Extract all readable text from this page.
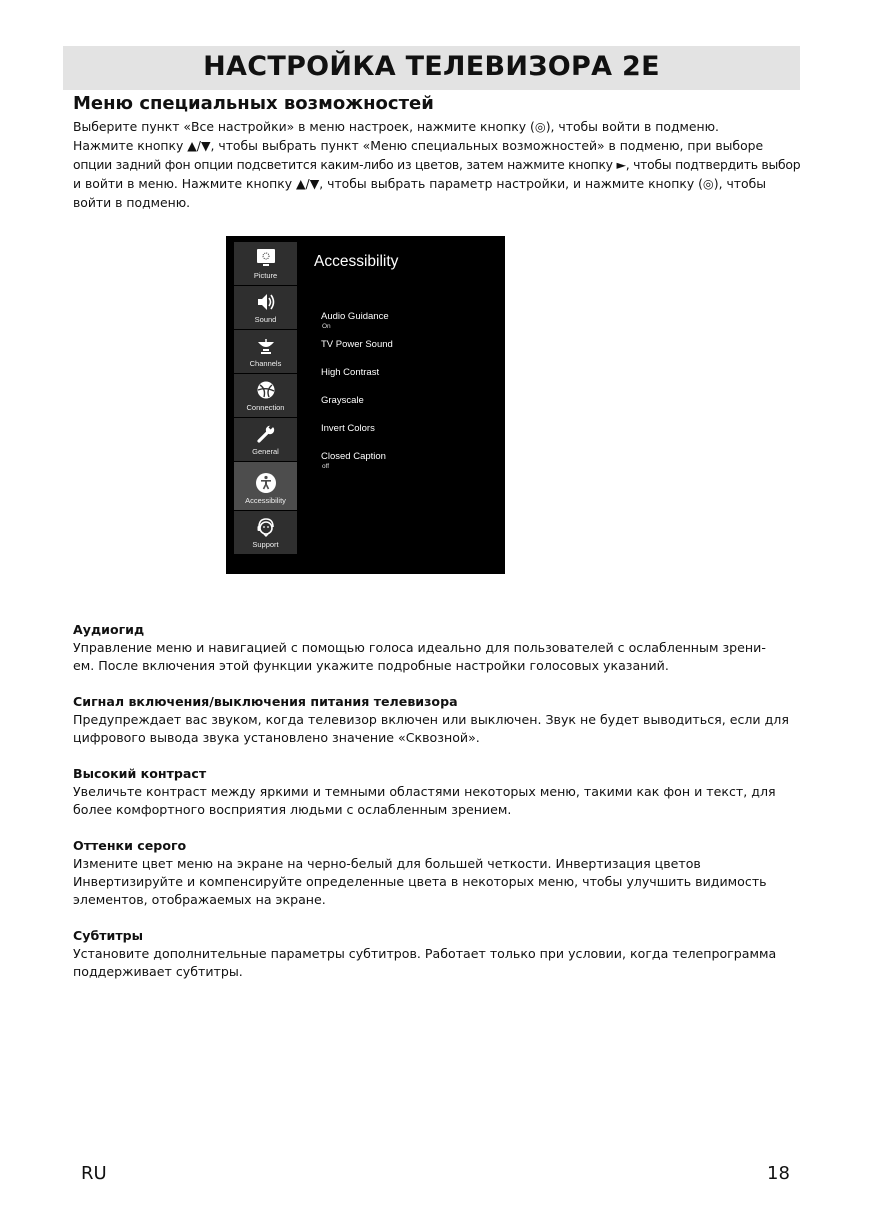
НАСТРОЙКА ТЕЛЕВИЗОРА 2E
Меню специальных возможностей
Выберите пункт «Все настройки» в меню настроек, нажмите кнопку (◎), чтобы войти в подменю.
Нажмите кнопку ▲/▼, чтобы выбрать пункт «Меню специальных возможностей» в подменю, при выборе
опции задний фон опции подсветится каким-либо из цветов, затем нажмите кнопку ►, чтобы подтвердить выбор
и войти в меню. Нажмите кнопку ▲/▼, чтобы выбрать параметр настройки, и нажмите кнопку (◎), чтобы
войти в подменю.
Picture
Sound
Channels
Connection
General
Accessibility
Support
Accessibility
Audio Guidance
On
TV Power Sound
High Contrast
Grayscale
Invert Colors
Closed Caption
off
Аудиогид
Управление меню и навигацией с помощью голоса идеально для пользователей с ослабленным зрени-
ем. После включения этой функции укажите подробные настройки голосовых указаний.
Сигнал включения/выключения питания телевизора
Предупреждает вас звуком, когда телевизор включен или выключен. Звук не будет выводиться, если для
цифрового вывода звука установлено значение «Сквозной».
Высокий контраст
Увеличьте контраст между яркими и темными областями некоторых меню, такими как фон и текст, для
более комфортного восприятия людьми с ослабленным зрением.
Оттенки серого
Измените цвет меню на экране на черно-белый для большей четкости. Инвертизация цветов
Инвертизируйте и компенсируйте определенные цвета в некоторых меню, чтобы улучшить видимость
элементов, отображаемых на экране.
Субтитры
Установите дополнительные параметры субтитров. Работает только при условии, когда телепрограмма
поддерживает субтитры.
RU	18
